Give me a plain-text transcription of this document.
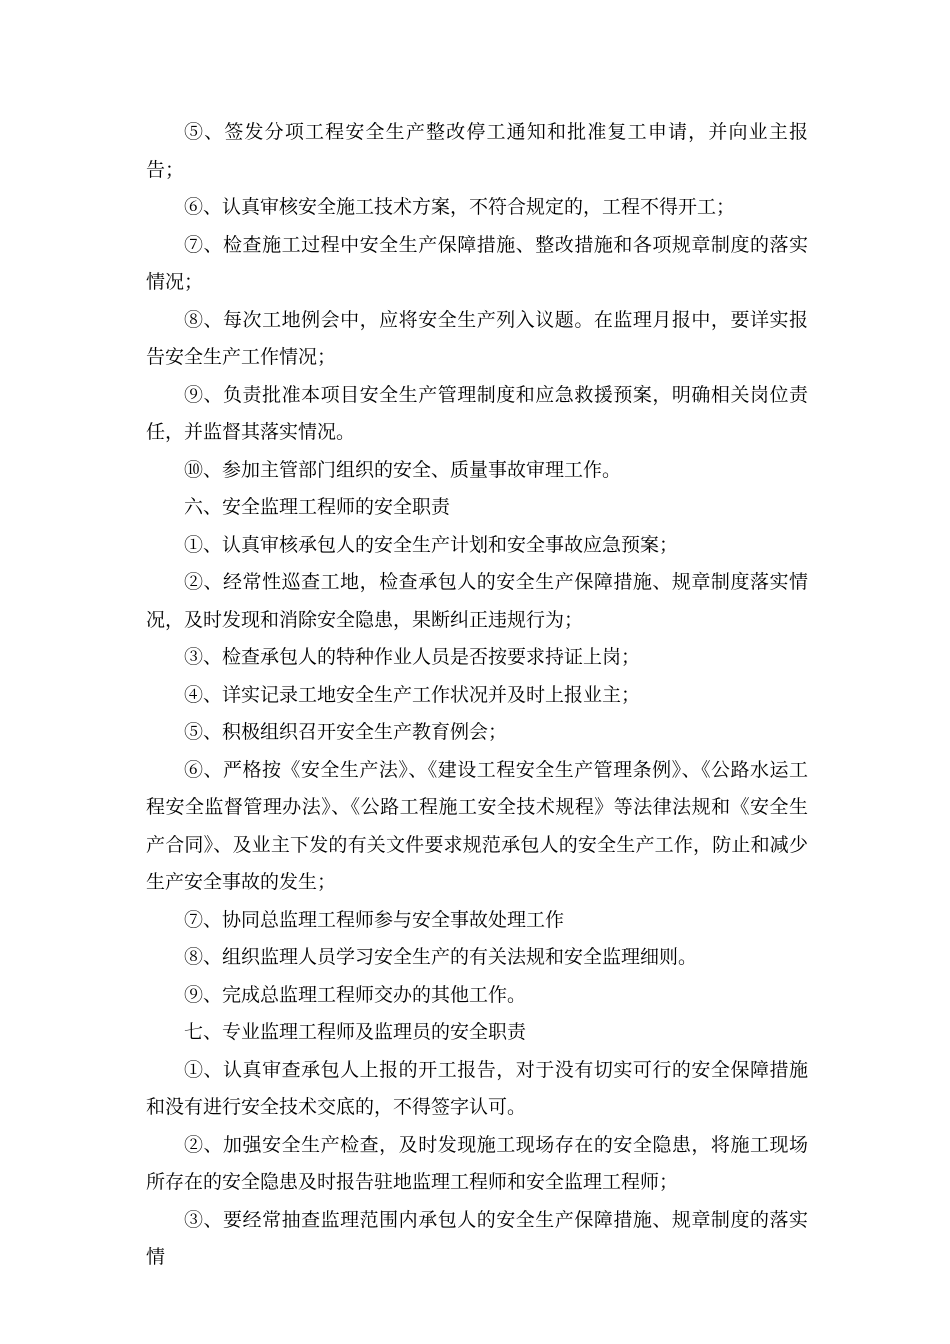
⑤、签发分项工程安全生产整改停工通知和批准复工申请，并向业主报告；

⑥、认真审核安全施工技术方案，不符合规定的，工程不得开工；

⑦、检查施工过程中安全生产保障措施、整改措施和各项规章制度的落实情况；

⑧、每次工地例会中，应将安全生产列入议题。在监理月报中，要详实报告安全生产工作情况；

⑨、负责批准本项目安全生产管理制度和应急救援预案，明确相关岗位责任，并监督其落实情况。

⑩、参加主管部门组织的安全、质量事故审理工作。

六、安全监理工程师的安全职责

①、认真审核承包人的安全生产计划和安全事故应急预案；

②、经常性巡查工地，检查承包人的安全生产保障措施、规章制度落实情况，及时发现和消除安全隐患，果断纠正违规行为；

③、检查承包人的特种作业人员是否按要求持证上岗；

④、详实记录工地安全生产工作状况并及时上报业主；

⑤、积极组织召开安全生产教育例会；

⑥、严格按《安全生产法》、《建设工程安全生产管理条例》、《公路水运工程安全监督管理办法》、《公路工程施工安全技术规程》等法律法规和《安全生产合同》、及业主下发的有关文件要求规范承包人的安全生产工作，防止和减少生产安全事故的发生；

⑦、协同总监理工程师参与安全事故处理工作

⑧、组织监理人员学习安全生产的有关法规和安全监理细则。

⑨、完成总监理工程师交办的其他工作。

七、专业监理工程师及监理员的安全职责

①、认真审查承包人上报的开工报告，对于没有切实可行的安全保障措施和没有进行安全技术交底的，不得签字认可。

②、加强安全生产检查，及时发现施工现场存在的安全隐患，将施工现场所存在的安全隐患及时报告驻地监理工程师和安全监理工程师；

③、要经常抽查监理范围内承包人的安全生产保障措施、规章制度的落实情
